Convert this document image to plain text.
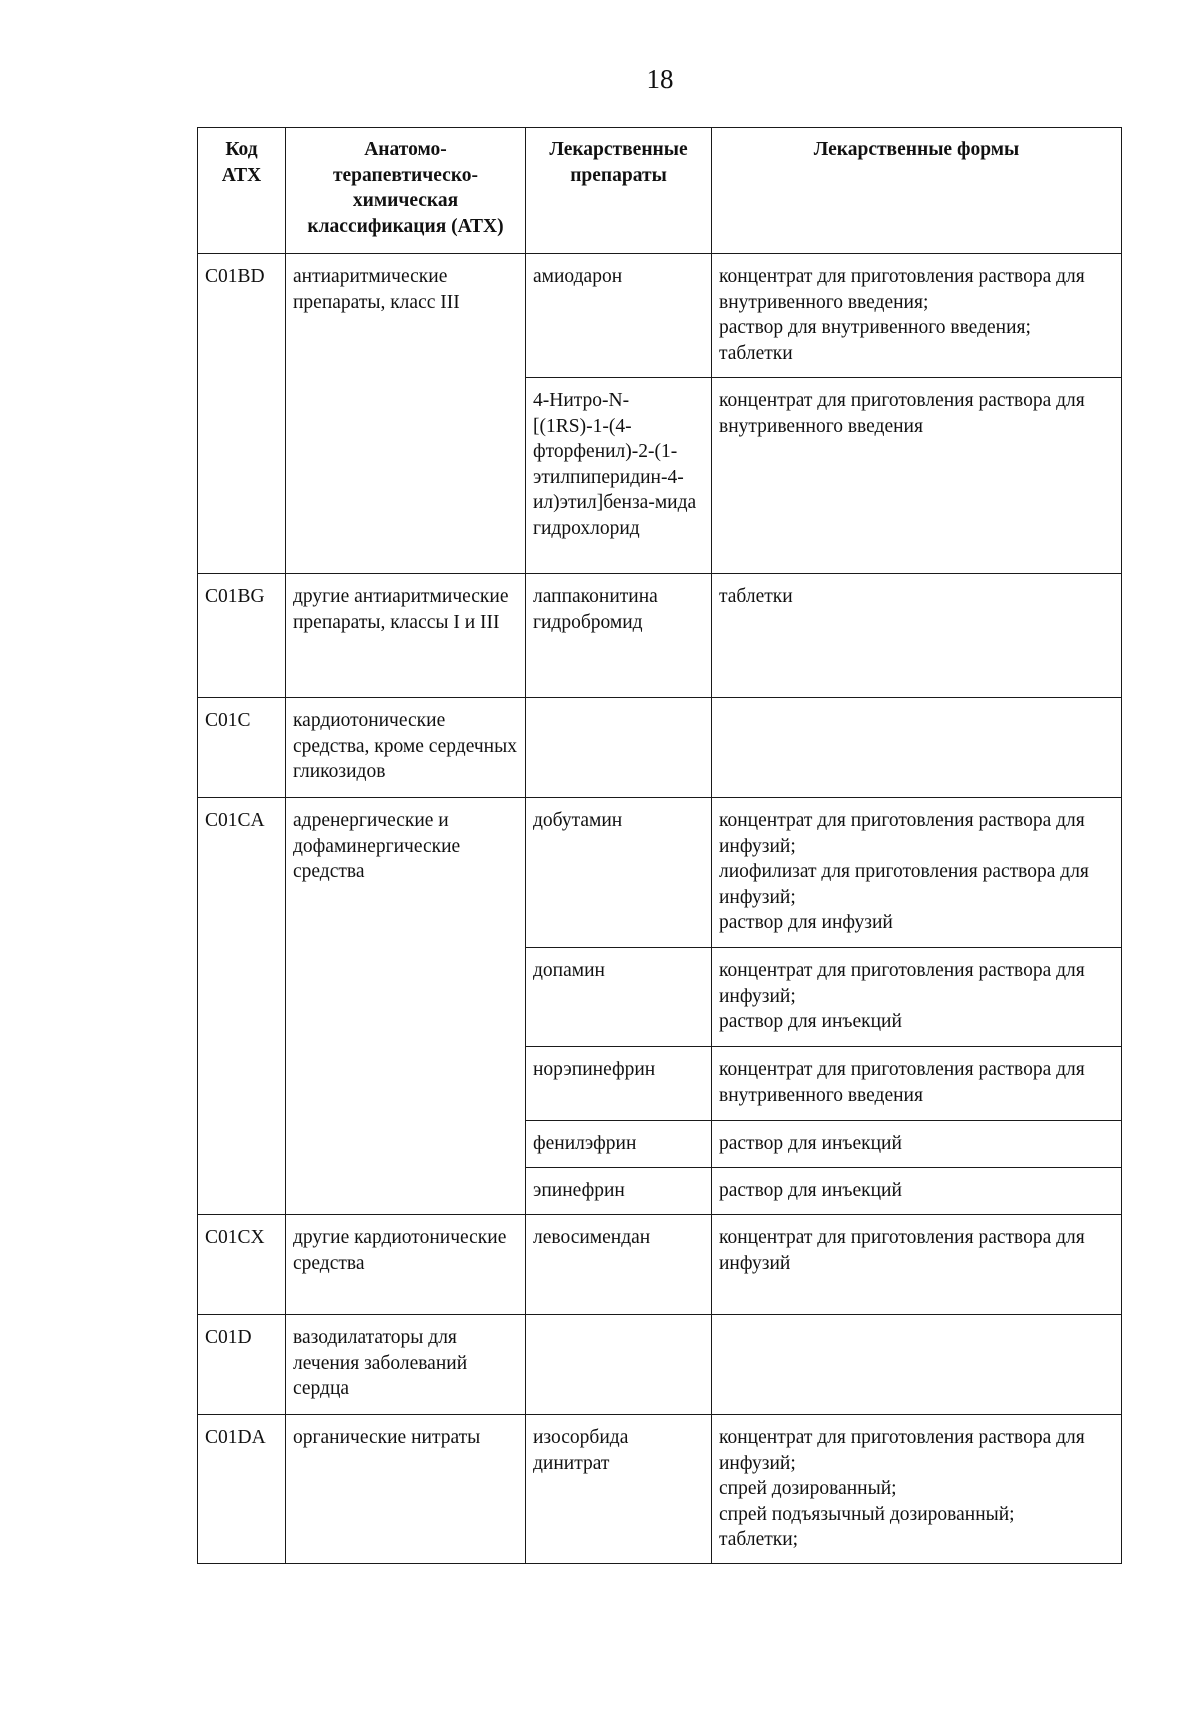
18
Код АТХ	Анатомо-терапевтическо-химическая классификация (АТХ)	Лекарственные препараты	Лекарственные формы
C01BD	антиаритмические препараты, класс III	амиодарон	концентрат для приготовления раствора для внутривенного введения;
раствор для внутривенного введения;
таблетки

		4-Нитро-N-[(1RS)-1-(4-фторфенил)-2-(1-этилпиперидин-4-ил)этил]бенза-мида гидрохлорид	концентрат для приготовления раствора для внутривенного введения

C01BG	другие антиаритмические препараты, классы I и III	лаппаконитина гидробромид	таблетки

C01C	кардиотонические средства, кроме сердечных гликозидов		
C01CA	адренергические и дофаминергические средства	добутамин	концентрат для приготовления раствора для инфузий;
лиофилизат для приготовления раствора для инфузий;
раствор для инфузий

		допамин	концентрат для приготовления раствора для инфузий;
раствор для инъекций

		норэпинефрин	концентрат для приготовления раствора для внутривенного введения

		фенилэфрин	раствор для инъекций

		эпинефрин	раствор для инъекций

C01CX	другие кардиотонические средства	левосимендан	концентрат для приготовления раствора для инфузий

C01D	вазодилататоры для лечения заболеваний сердца		
C01DA	органические нитраты	изосорбида динитрат	концентрат для приготовления раствора для инфузий;
спрей дозированный;
спрей подъязычный дозированный;
таблетки;
